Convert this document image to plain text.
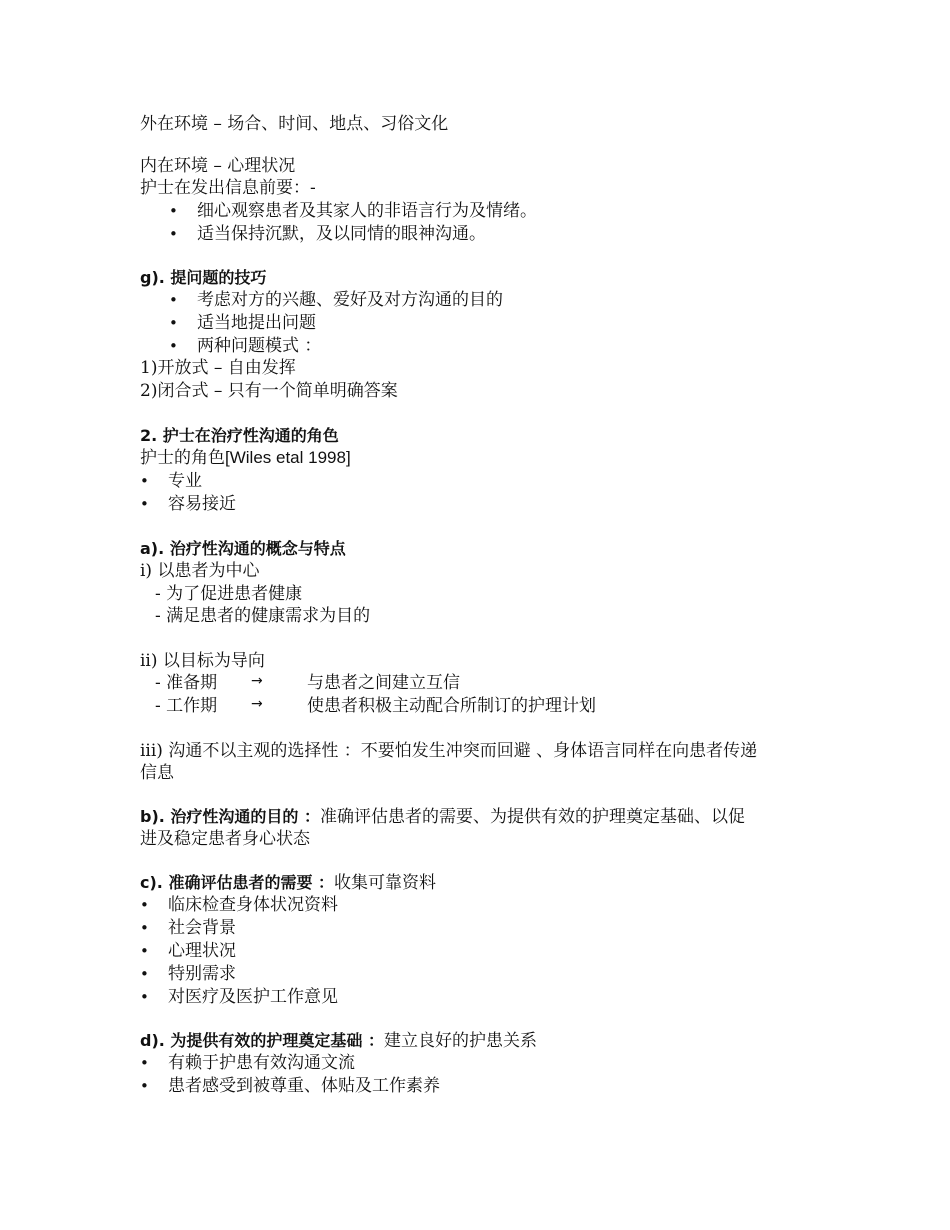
外在环境 – 场合、时间、地点、习俗文化
内在环境 – 心理状况
护士在发出信息前要：-
• 细心观察患者及其家人的非语言行为及情绪。
• 适当保持沉默，及以同情的眼神沟通。
g). 提问题的技巧
• 考虑对方的兴趣、爱好及对方沟通的目的
• 适当地提出问题
• 两种问题模式 ：
1)开放式 – 自由发挥
2)闭合式 – 只有一个简单明确答案
2. 护士在治疗性沟通的角色
护士的角色[Wiles etal 1998]
• 专业
• 容易接近
a). 治疗性沟通的概念与特点
i) 以患者为中心
- 为了促进患者健康
- 满足患者的健康需求为目的
ii) 以目标为导向
- 准备期 →	与患者之间建立互信
- 工作期 →	使患者积极主动配合所制订的护理计划
iii) 沟通不以主观的选择性 ：不要怕发生冲突而回避 、身体语言同样在向患者传递
信息
b). 治疗性沟通的目的 ：准确评估患者的需要、为提供有效的护理奠定基础、以促
进及稳定患者身心状态
c). 准确评估患者的需要 ：收集可靠资料
• 临床检查身体状况资料
• 社会背景
• 心理状况
• 特别需求
• 对医疗及医护工作意见
d). 为提供有效的护理奠定基础 ：建立良好的护患关系
• 有赖于护患有效沟通文流
• 患者感受到被尊重、体贴及工作素养
